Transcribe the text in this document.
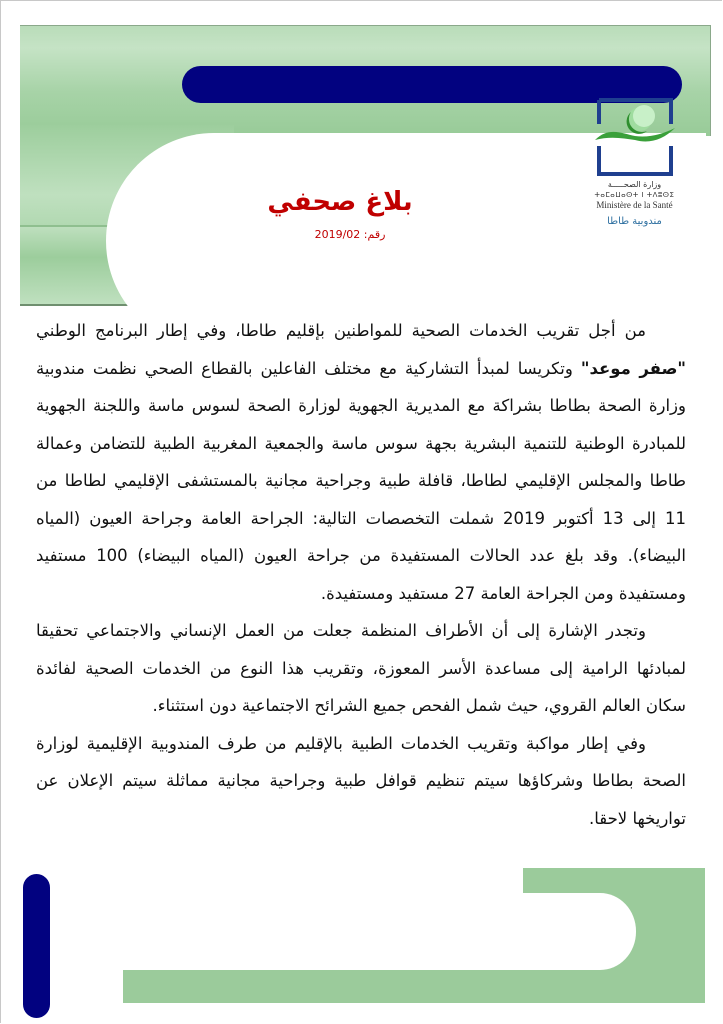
وزارة الصحـــــة
ⵜⴰⵎⴰⵡⴰⵙⵜ ⵏ ⵜⴷⵓⵙⵉ
Ministère de la Santé
مندوبية طاطا
بلاغ صحفي
رقم: 2019/02

من أجل تقريب الخدمات الصحية للمواطنين بإقليم طاطا، وفي إطار البرنامج الوطني "صفر موعد" وتكريسا لمبدأ التشاركية مع مختلف الفاعلين بالقطاع الصحي نظمت مندوبية وزارة الصحة بطاطا بشراكة مع المديرية الجهوية لوزارة الصحة لسوس ماسة واللجنة الجهوية للمبادرة الوطنية للتنمية البشرية بجهة سوس ماسة والجمعية المغربية الطبية للتضامن وعمالة طاطا والمجلس الإقليمي لطاطا، قافلة طبية وجراحية مجانية بالمستشفى الإقليمي لطاطا من 11 إلى 13 أكتوبر 2019 شملت التخصصات التالية: الجراحة العامة وجراحة العيون (المياه البيضاء). وقد بلغ عدد الحالات المستفيدة من جراحة العيون (المياه البيضاء) 100 مستفيد ومستفيدة ومن الجراحة العامة 27 مستفيد ومستفيدة.

وتجدر الإشارة إلى أن الأطراف المنظمة جعلت من العمل الإنساني والاجتماعي تحقيقا لمبادئها الرامية إلى مساعدة الأسر المعوزة، وتقريب هذا النوع من الخدمات الصحية لفائدة سكان العالم القروي، حيث شمل الفحص جميع الشرائح الاجتماعية دون استثناء.

وفي إطار مواكبة وتقريب الخدمات الطبية بالإقليم من طرف المندوبية الإقليمية لوزارة الصحة بطاطا وشركاؤها سيتم تنظيم قوافل طبية وجراحية مجانية مماثلة سيتم الإعلان عن تواريخها لاحقا.
